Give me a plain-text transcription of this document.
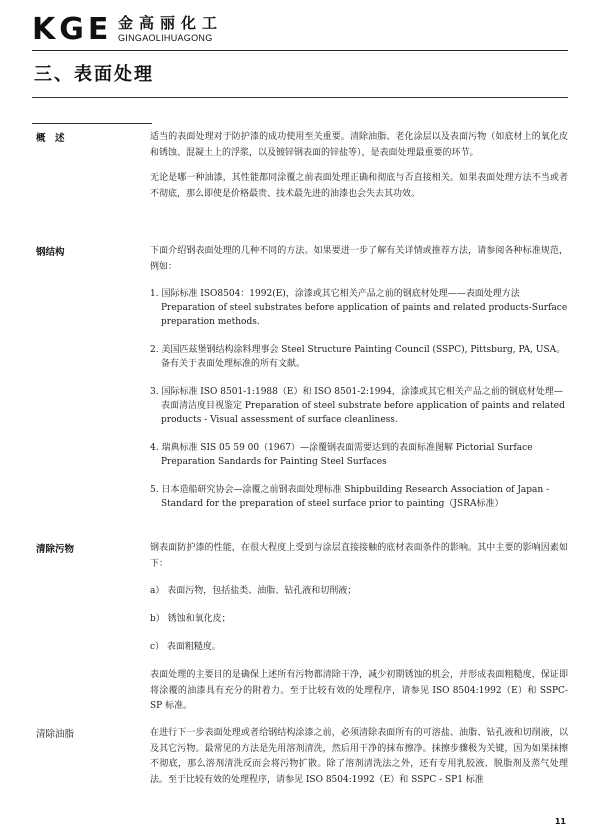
KGE 金高丽化工
GINGAOLIHUAGONG
三、表面处理
概　述	适当的表面处理对于防护漆的成功使用至关重要。清除油脂、老化涂层以及表面污物（如底材上的氧化皮和锈蚀、混凝土上的浮浆，以及镀锌钢表面的锌盐等），是表面处理最重要的环节。

无论是哪一种油漆，其性能都同涂覆之前表面处理正确和彻底与否直接相关。如果表面处理方法不当或者不彻底，那么即使是价格最贵、技术最先进的油漆也会失去其功效。

钢结构	下面介绍钢表面处理的几种不同的方法。如果要进一步了解有关详情或推荐方法，请参阅各种标准规范，例如：

1. 国际标准 ISO8504：1992(E)，涂漆或其它相关产品之前的钢底材处理——表面处理方法 Preparation of steel substrates before application of paints and related products-Surface preparation methods.

2. 美国匹兹堡钢结构涂料理事会 Steel Structure Painting Council (SSPC), Pittsburg, PA, USA。备有关于表面处理标准的所有文献。

3. 国际标准 ISO 8501-1:1988（E）和 ISO 8501-2:1994，涂漆或其它相关产品之前的钢底材处理—表面清洁度目视鉴定 Preparation of steel substrate before application of paints and related products - Visual assessment of surface cleanliness.

4. 瑞典标准 SIS 05 59 00（1967）—涂覆钢表面需要达到的表面标准图解 Pictorial Surface Preparation Sandards for Painting Steel Surfaces

5. 日本造船研究协会—涂覆之前钢表面处理标准 Shipbuilding Research Association of Japan - Standard for the preparation of steel surface prior to painting（JSRA标准）

清除污物	钢表面防护漆的性能，在很大程度上受到与涂层直接接触的底材表面条件的影响。其中主要的影响因素如下：

a） 表面污物，包括盐类、油脂、钻孔液和切削液；

b） 锈蚀和氧化皮；

c） 表面粗糙度。

表面处理的主要目的是确保上述所有污物都清除干净，减少初期锈蚀的机会，并形成表面粗糙度，保证即将涂覆的油漆具有充分的附着力。至于比较有效的处理程序，请参见 ISO 8504:1992（E）和 SSPC-SP 标准。

清除油脂	在进行下一步表面处理或者给钢结构涂漆之前，必须清除表面所有的可溶盐、油脂、钻孔液和切削液，以及其它污物。最常见的方法是先用溶剂清洗，然后用干净的抹布擦净。抹擦步骤极为关键，因为如果抹擦不彻底，那么溶剂清洗反而会将污物扩散。除了溶剂清洗法之外，还有专用乳胶液、脱脂剂及蒸气处理法。至于比较有效的处理程序，请参见 ISO 8504:1992（E）和 SSPC - SP1 标准

11
